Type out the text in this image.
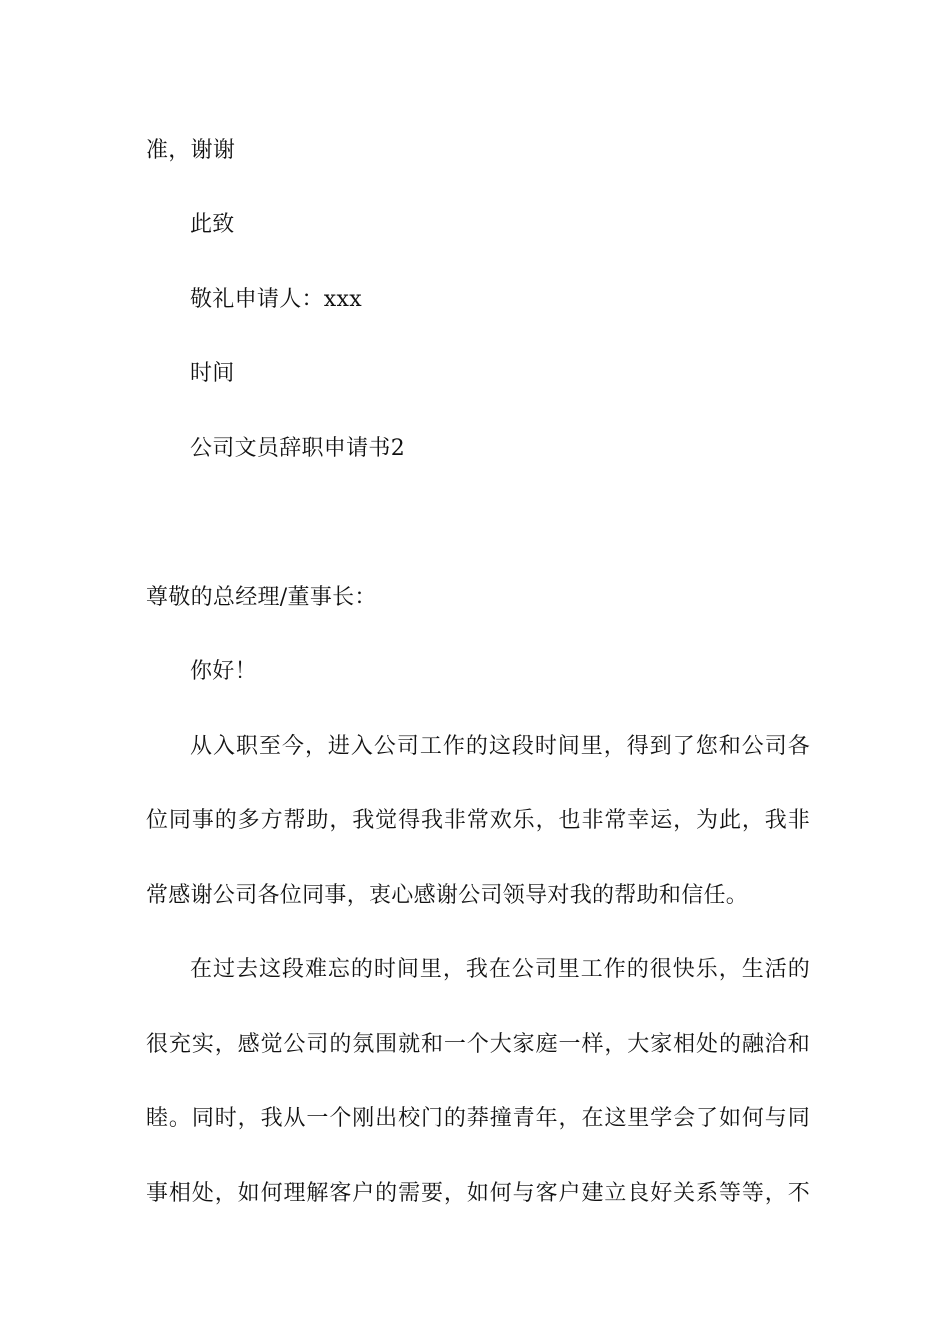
准，谢谢
此致
敬礼申请人：xxx
时间
公司文员辞职申请书2
尊敬的总经理/董事长：
你好！
从入职至今，进入公司工作的这段时间里，得到了您和公司各
位同事的多方帮助，我觉得我非常欢乐，也非常幸运，为此，我非
常感谢公司各位同事，衷心感谢公司领导对我的帮助和信任。
在过去这段难忘的时间里，我在公司里工作的很快乐，生活的
很充实，感觉公司的氛围就和一个大家庭一样，大家相处的融洽和
睦。同时，我从一个刚出校门的莽撞青年，在这里学会了如何与同
事相处，如何理解客户的需要，如何与客户建立良好关系等等，不
